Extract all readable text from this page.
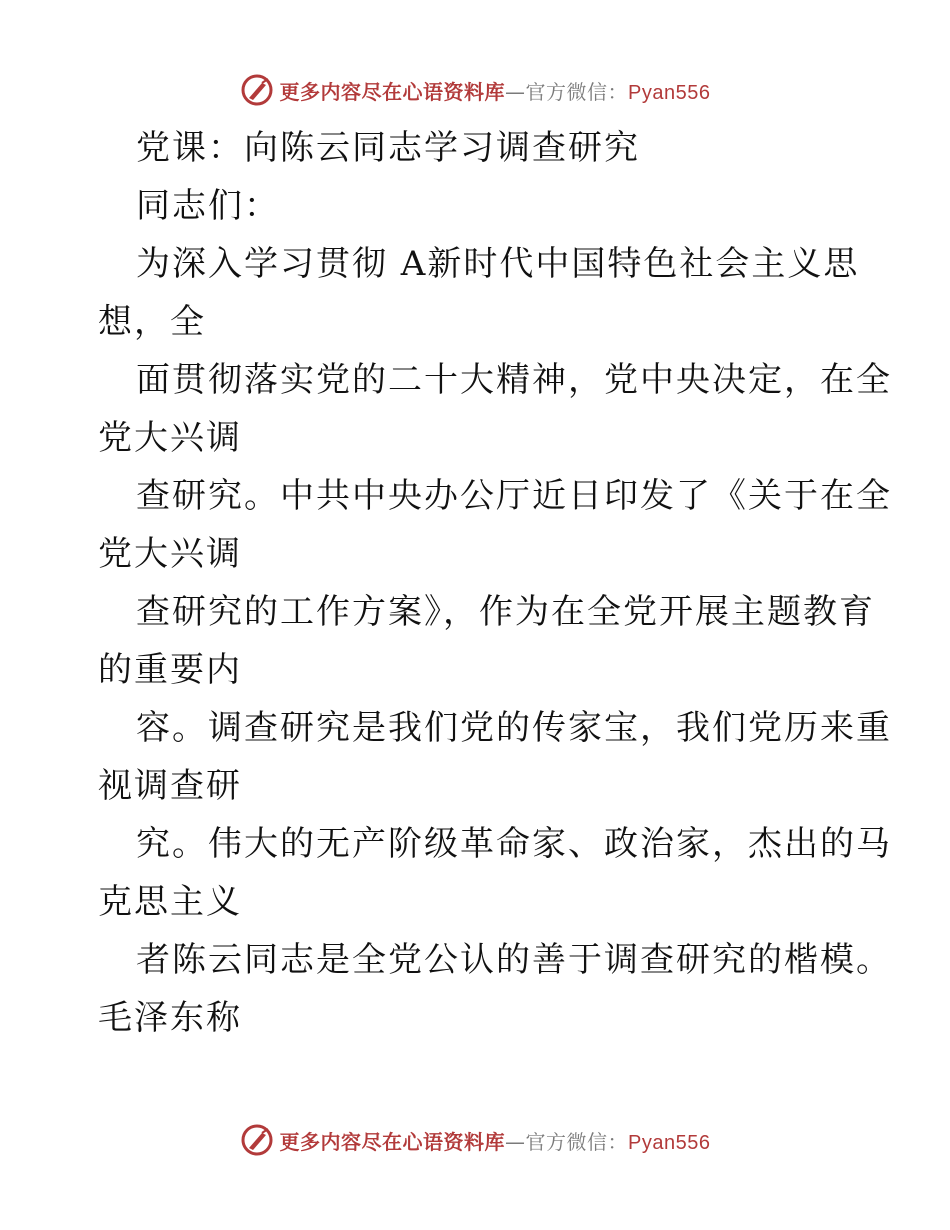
更多内容尽在心语资料库—官方微信：Pyan556
党课：向陈云同志学习调查研究
同志们：
为深入学习贯彻 A新时代中国特色社会主义思
想，全
面贯彻落实党的二十大精神，党中央决定，在全
党大兴调
查研究。中共中央办公厅近日印发了《关于在全
党大兴调
查研究的工作方案》，作为在全党开展主题教育
的重要内
容。调查研究是我们党的传家宝，我们党历来重
视调查研
究。伟大的无产阶级革命家、政治家，杰出的马
克思主义
者陈云同志是全党公认的善于调查研究的楷模。
毛泽东称
更多内容尽在心语资料库—官方微信：Pyan556
